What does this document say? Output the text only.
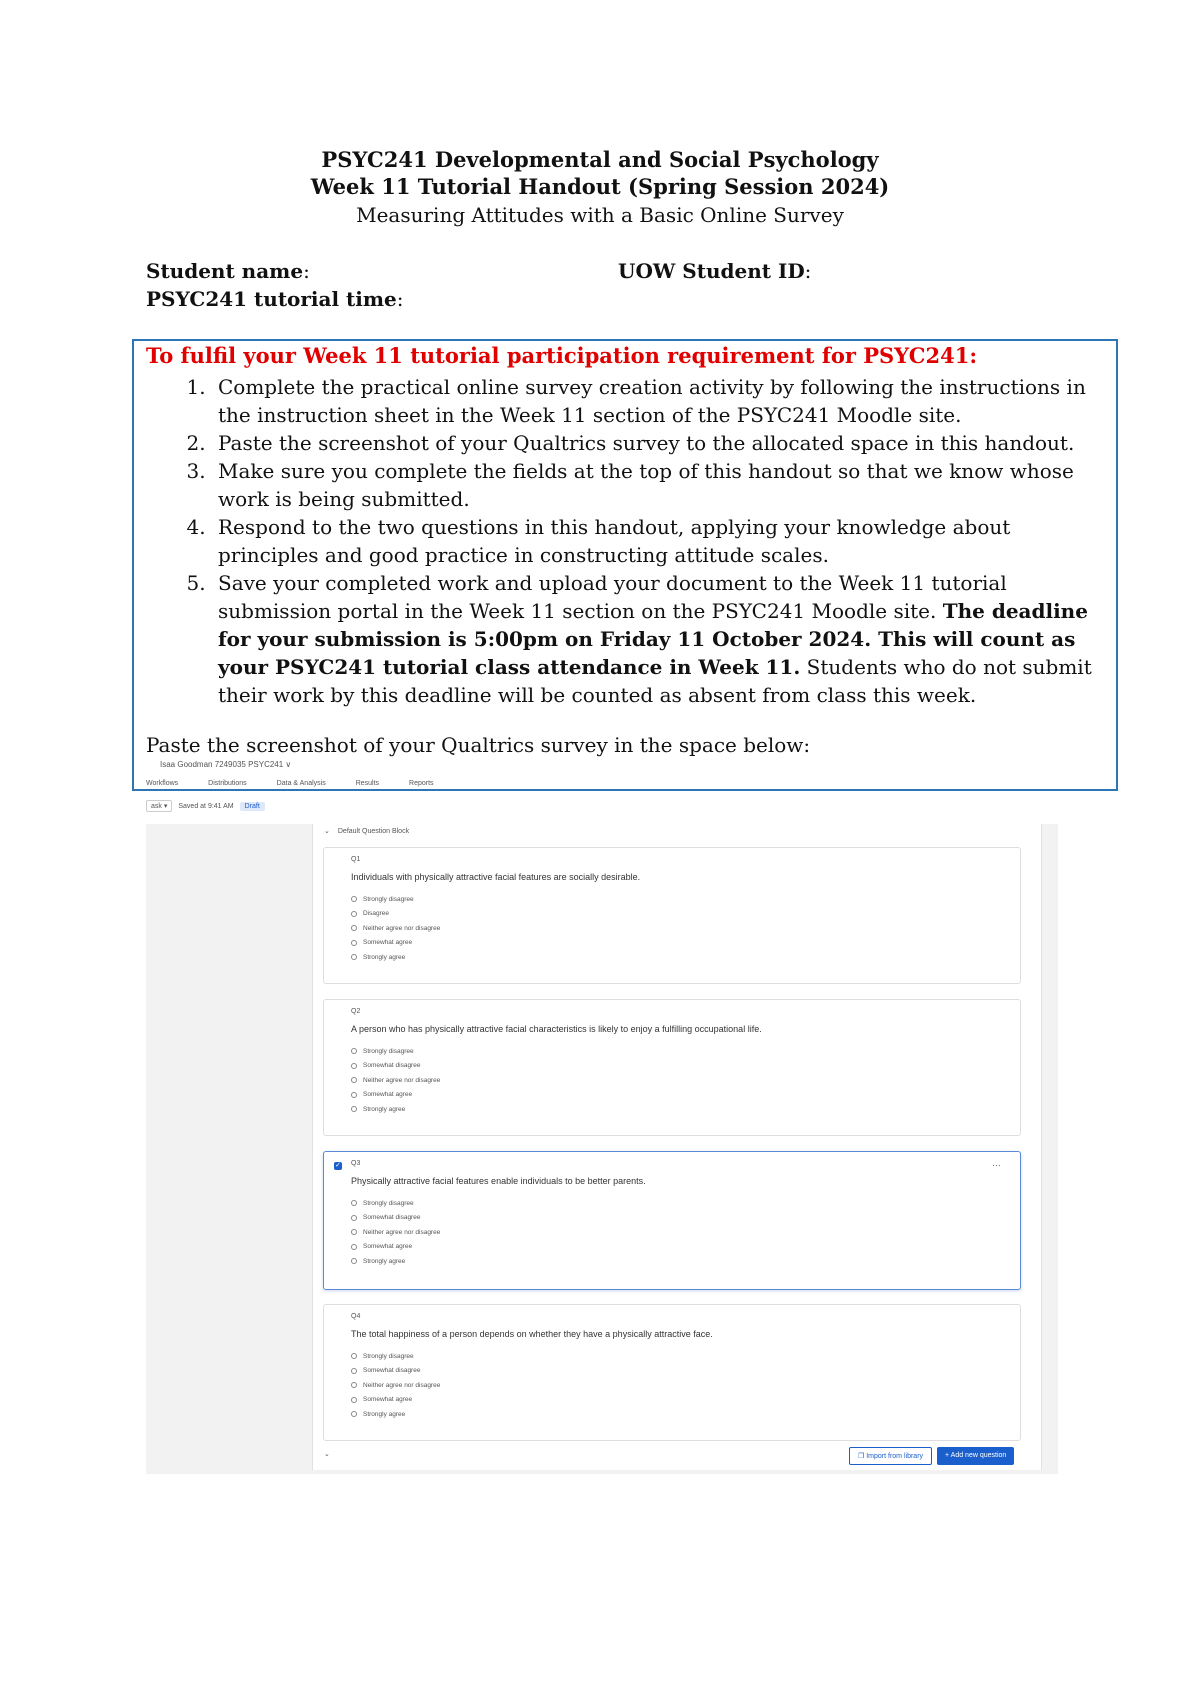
PSYC241 Developmental and Social Psychology
Week 11 Tutorial Handout (Spring Session 2024)
Measuring Attitudes with a Basic Online Survey
Student name:	UOW Student ID:
PSYC241 tutorial time:
To fulfil your Week 11 tutorial participation requirement for PSYC241:
1. Complete the practical online survey creation activity by following the instructions in the instruction sheet in the Week 11 section of the PSYC241 Moodle site.
2. Paste the screenshot of your Qualtrics survey to the allocated space in this handout.
3. Make sure you complete the fields at the top of this handout so that we know whose work is being submitted.
4. Respond to the two questions in this handout, applying your knowledge about principles and good practice in constructing attitude scales.
5. Save your completed work and upload your document to the Week 11 tutorial submission portal in the Week 11 section on the PSYC241 Moodle site. The deadline for your submission is 5:00pm on Friday 11 October 2024. This will count as your PSYC241 tutorial class attendance in Week 11. Students who do not submit their work by this deadline will be counted as absent from class this week.
Paste the screenshot of your Qualtrics survey in the space below:
Isaa Goodman 7249035 PSYC241 ∨
Workflows	Distributions	Data & Analysis	Results	Reports
ask ▾	Saved at 9:41 AM	Draft
⌄ Default Question Block
Q1
Individuals with physically attractive facial features are socially desirable.
Strongly disagree
Disagree
Neither agree nor disagree
Somewhat agree
Strongly agree
Q2
A person who has physically attractive facial characteristics is likely to enjoy a fulfilling occupational life.
Strongly disagree
Somewhat disagree
Neither agree nor disagree
Somewhat agree
Strongly agree
✓	…
Q3
Physically attractive facial features enable individuals to be better parents.
Strongly disagree
Somewhat disagree
Neither agree nor disagree
Somewhat agree
Strongly agree
Q4
The total happiness of a person depends on whether they have a physically attractive face.
Strongly disagree
Somewhat disagree
Neither agree nor disagree
Somewhat agree
Strongly agree
⌄	❐ Import from library	+ Add new question
